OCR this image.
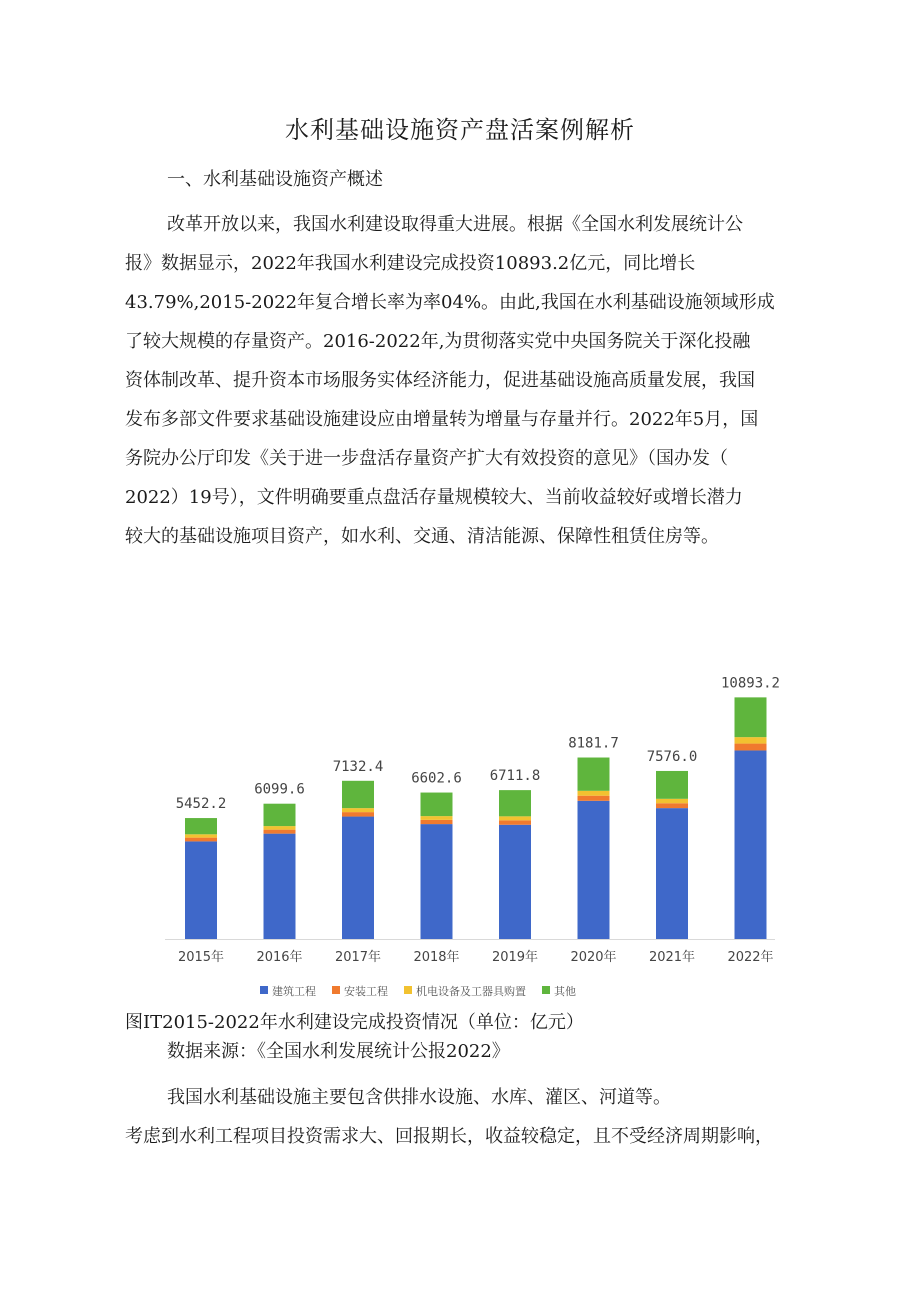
水利基础设施资产盘活案例解析
一、水利基础设施资产概述
改革开放以来，我国水利建设取得重大进展。根据《全国水利发展统计公
报》数据显示，2022年我国水利建设完成投资10893.2亿元，同比增长
43.79%,2015-2022年复合增长率为率04%。由此,我国在水利基础设施领域形成
了较大规模的存量资产。2016-2022年,为贯彻落实党中央国务院关于深化投融
资体制改革、提升资本市场服务实体经济能力，促进基础设施高质量发展，我国
发布多部文件要求基础设施建设应由增量转为增量与存量并行。2022年5月，国
务院办公厅印发《关于进一步盘活存量资产扩大有效投资的意见》（国办发（
2022）19号），文件明确要重点盘活存量规模较大、当前收益较好或增长潜力
较大的基础设施项目资产，如水利、交通、清洁能源、保障性租赁住房等。
5452.2
2015年
6099.6
2016年
7132.4
2017年
6602.6
2018年
6711.8
2019年
8181.7
2020年
7576.0
2021年
10893.2
2022年
建筑工程	安装工程	机电设备及工器具购置	其他

图IT2015-2022年水利建设完成投资情况（单位：亿元）

数据来源：《全国水利发展统计公报2022》

我国水利基础设施主要包含供排水设施、水库、灌区、河道等。
考虑到水利工程项目投资需求大、回报期长，收益较稳定，且不受经济周期影响，
